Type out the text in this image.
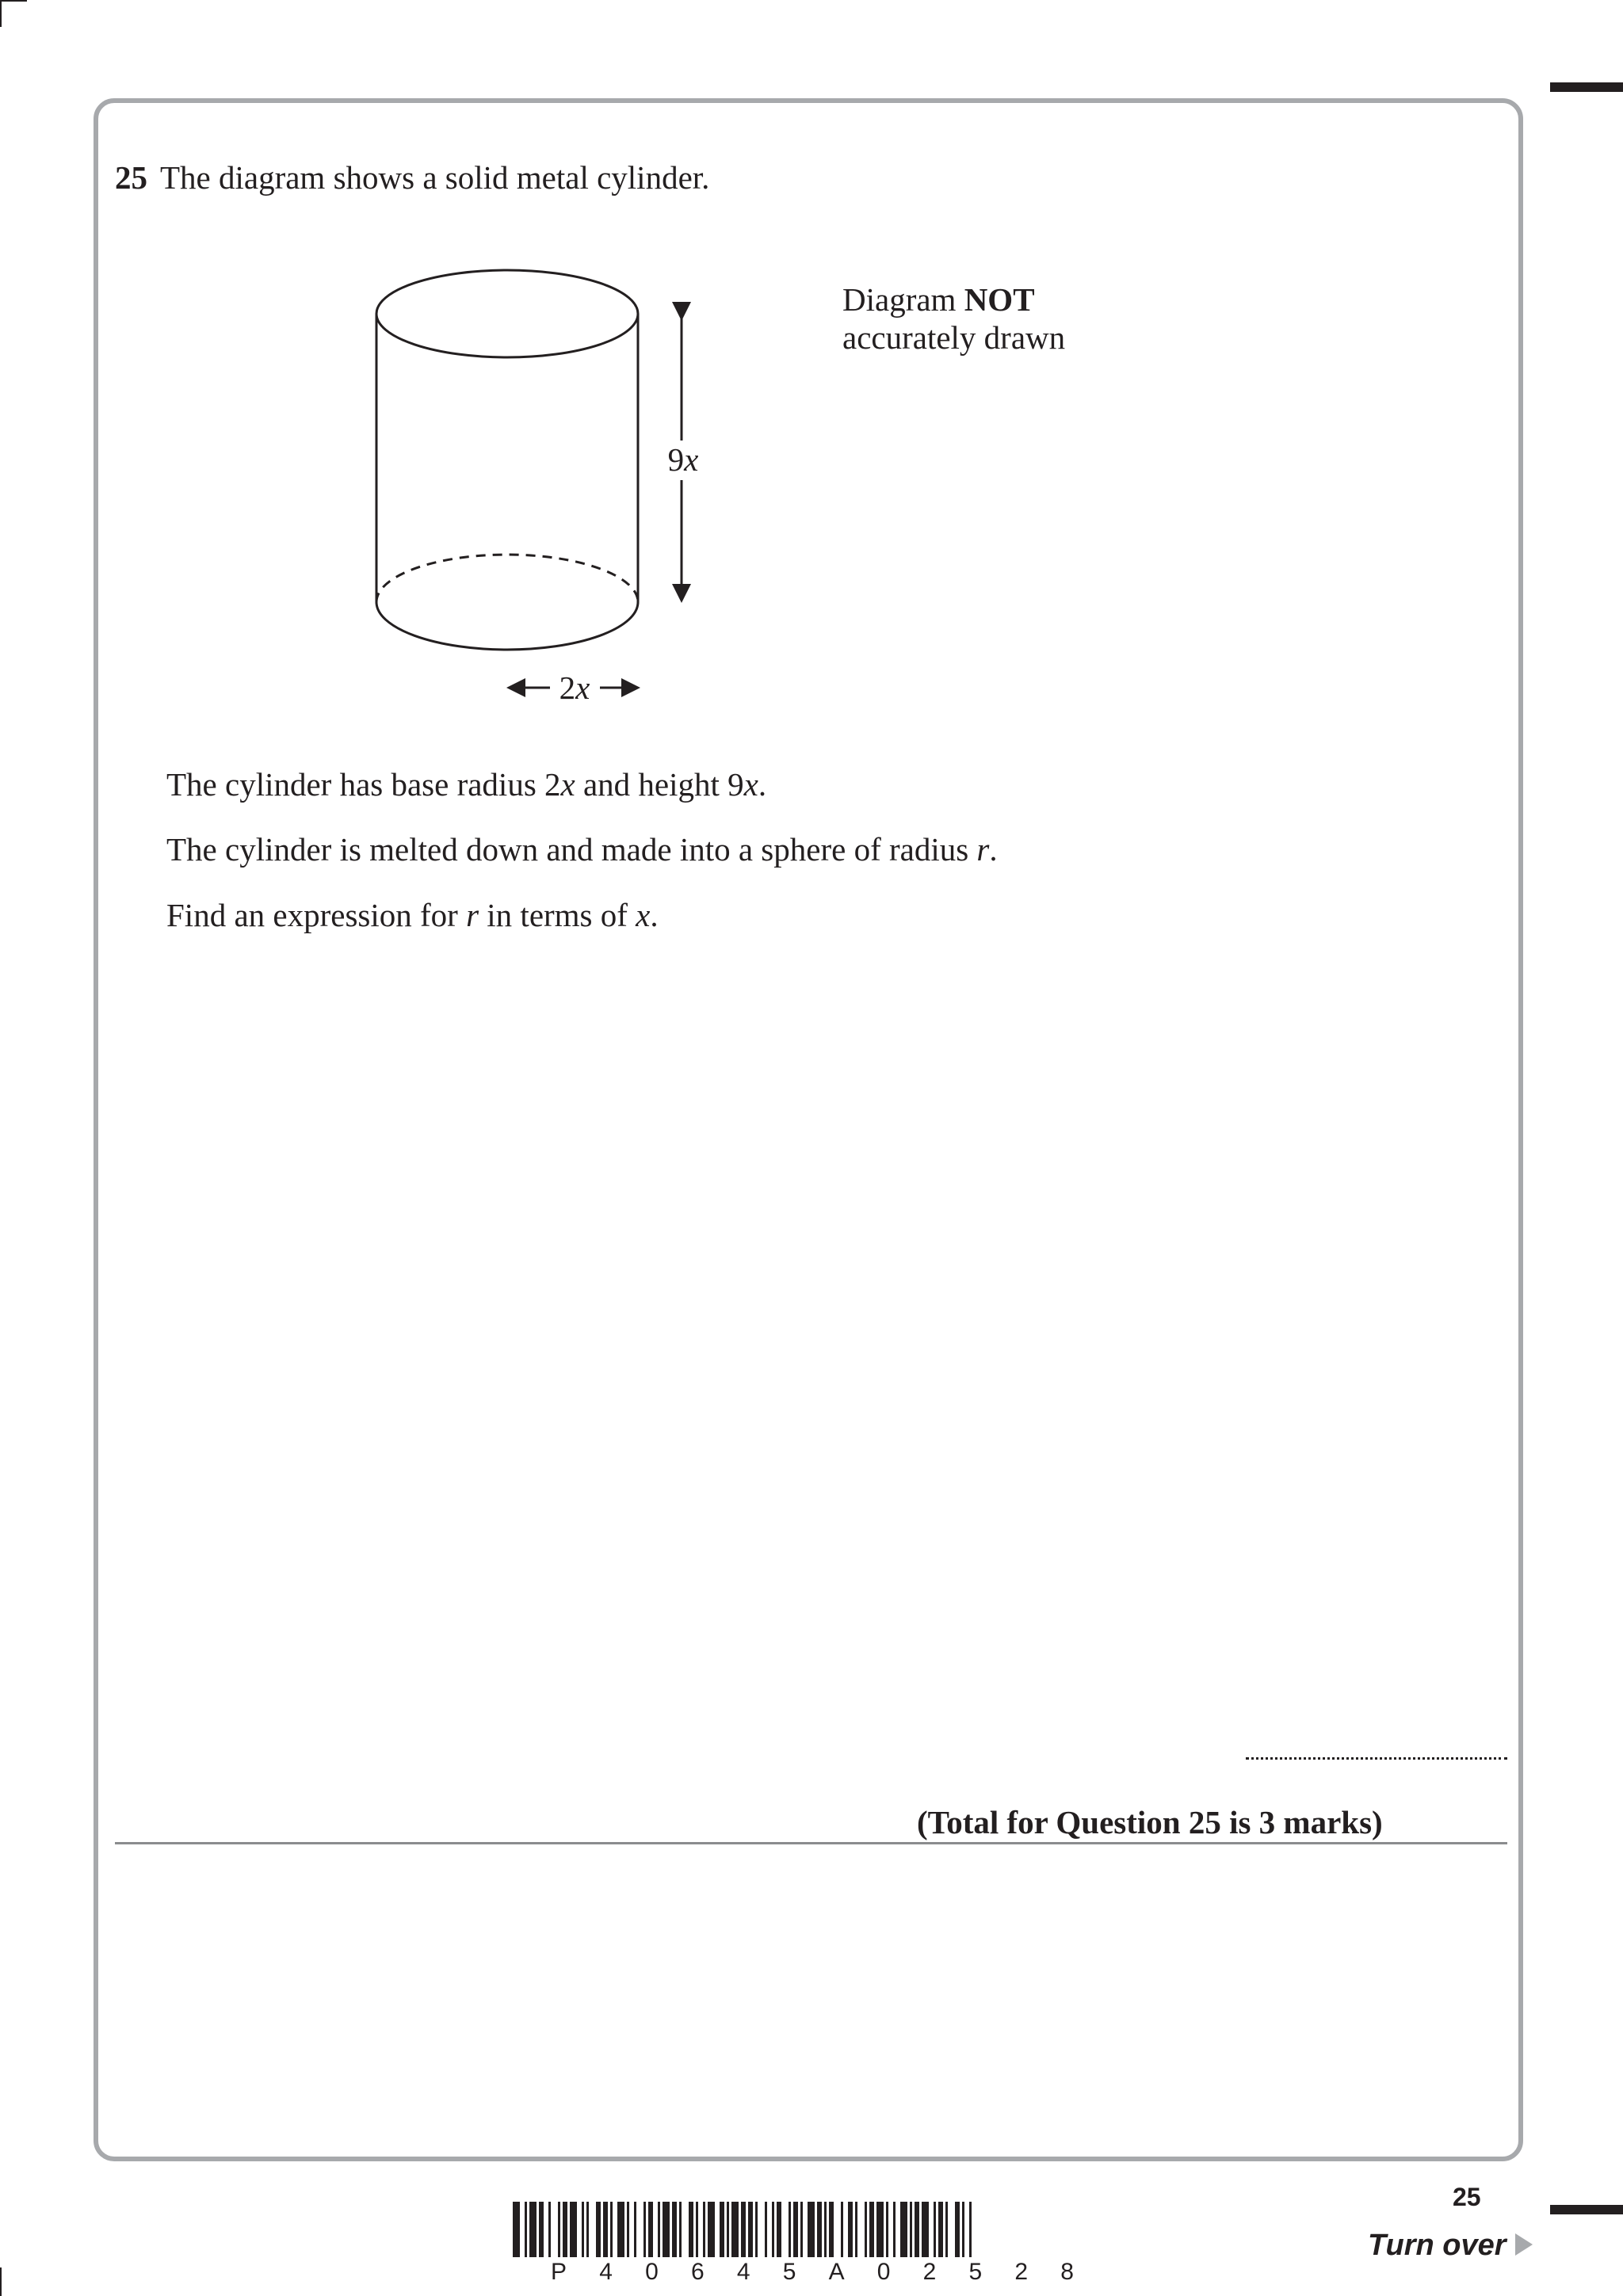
25 The diagram shows a solid metal cylinder.
9x
2x
Diagram NOT
accurately drawn
The cylinder has base radius 2x and height 9x.
The cylinder is melted down and made into a sphere of radius r.
Find an expression for r in terms of x.
(Total for Question 25 is 3 marks)
P 4 0 6 4 5 A 0 2 5 2 8
25
Turn over
